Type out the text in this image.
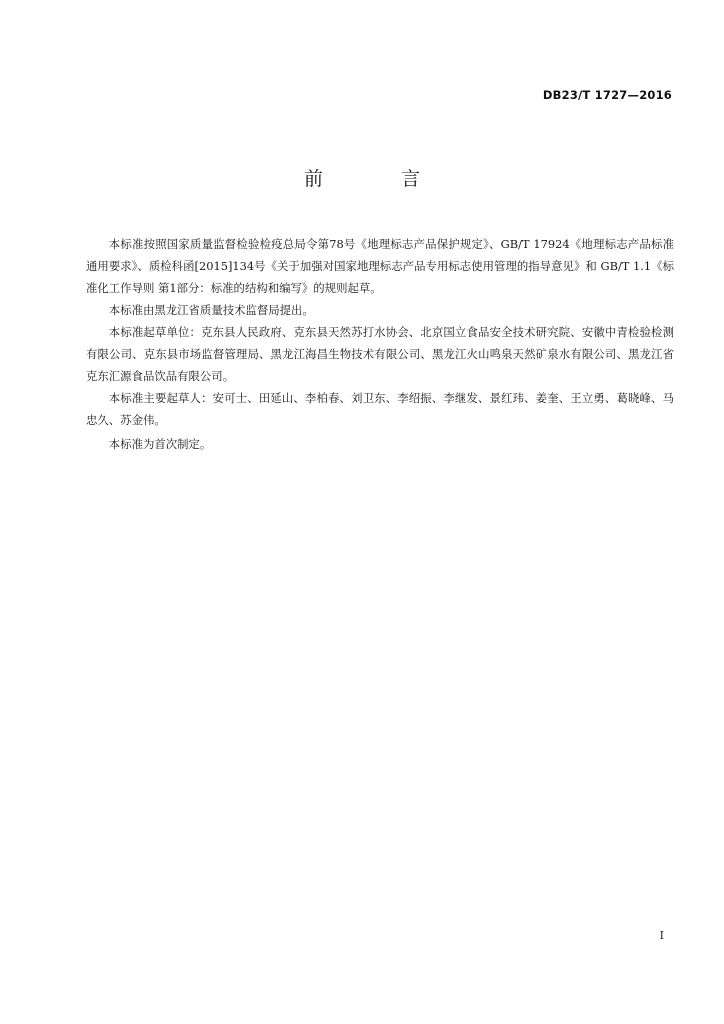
DB23/T 1727—2016
前 言

本标准按照国家质量监督检验检疫总局令第78号《地理标志产品保护规定》、GB/T 17924《地理标志产品标准通用要求》、质检科函[2015]134号《关于加强对国家地理标志产品专用标志使用管理的指导意见》和 GB/T 1.1《标准化工作导则 第1部分：标准的结构和编写》的规则起草。

本标准由黑龙江省质量技术监督局提出。

本标准起草单位：克东县人民政府、克东县天然苏打水协会、北京国立食品安全技术研究院、安徽中青检验检测有限公司、克东县市场监督管理局、黑龙江海昌生物技术有限公司、黑龙江火山鸣泉天然矿泉水有限公司、黑龙江省克东汇源食品饮品有限公司。

本标准主要起草人：安可士、田延山、李柏春、刘卫东、李绍振、李继发、景红玮、姜奎、王立勇、葛晓峰、马忠久、苏金伟。

本标准为首次制定。

I
